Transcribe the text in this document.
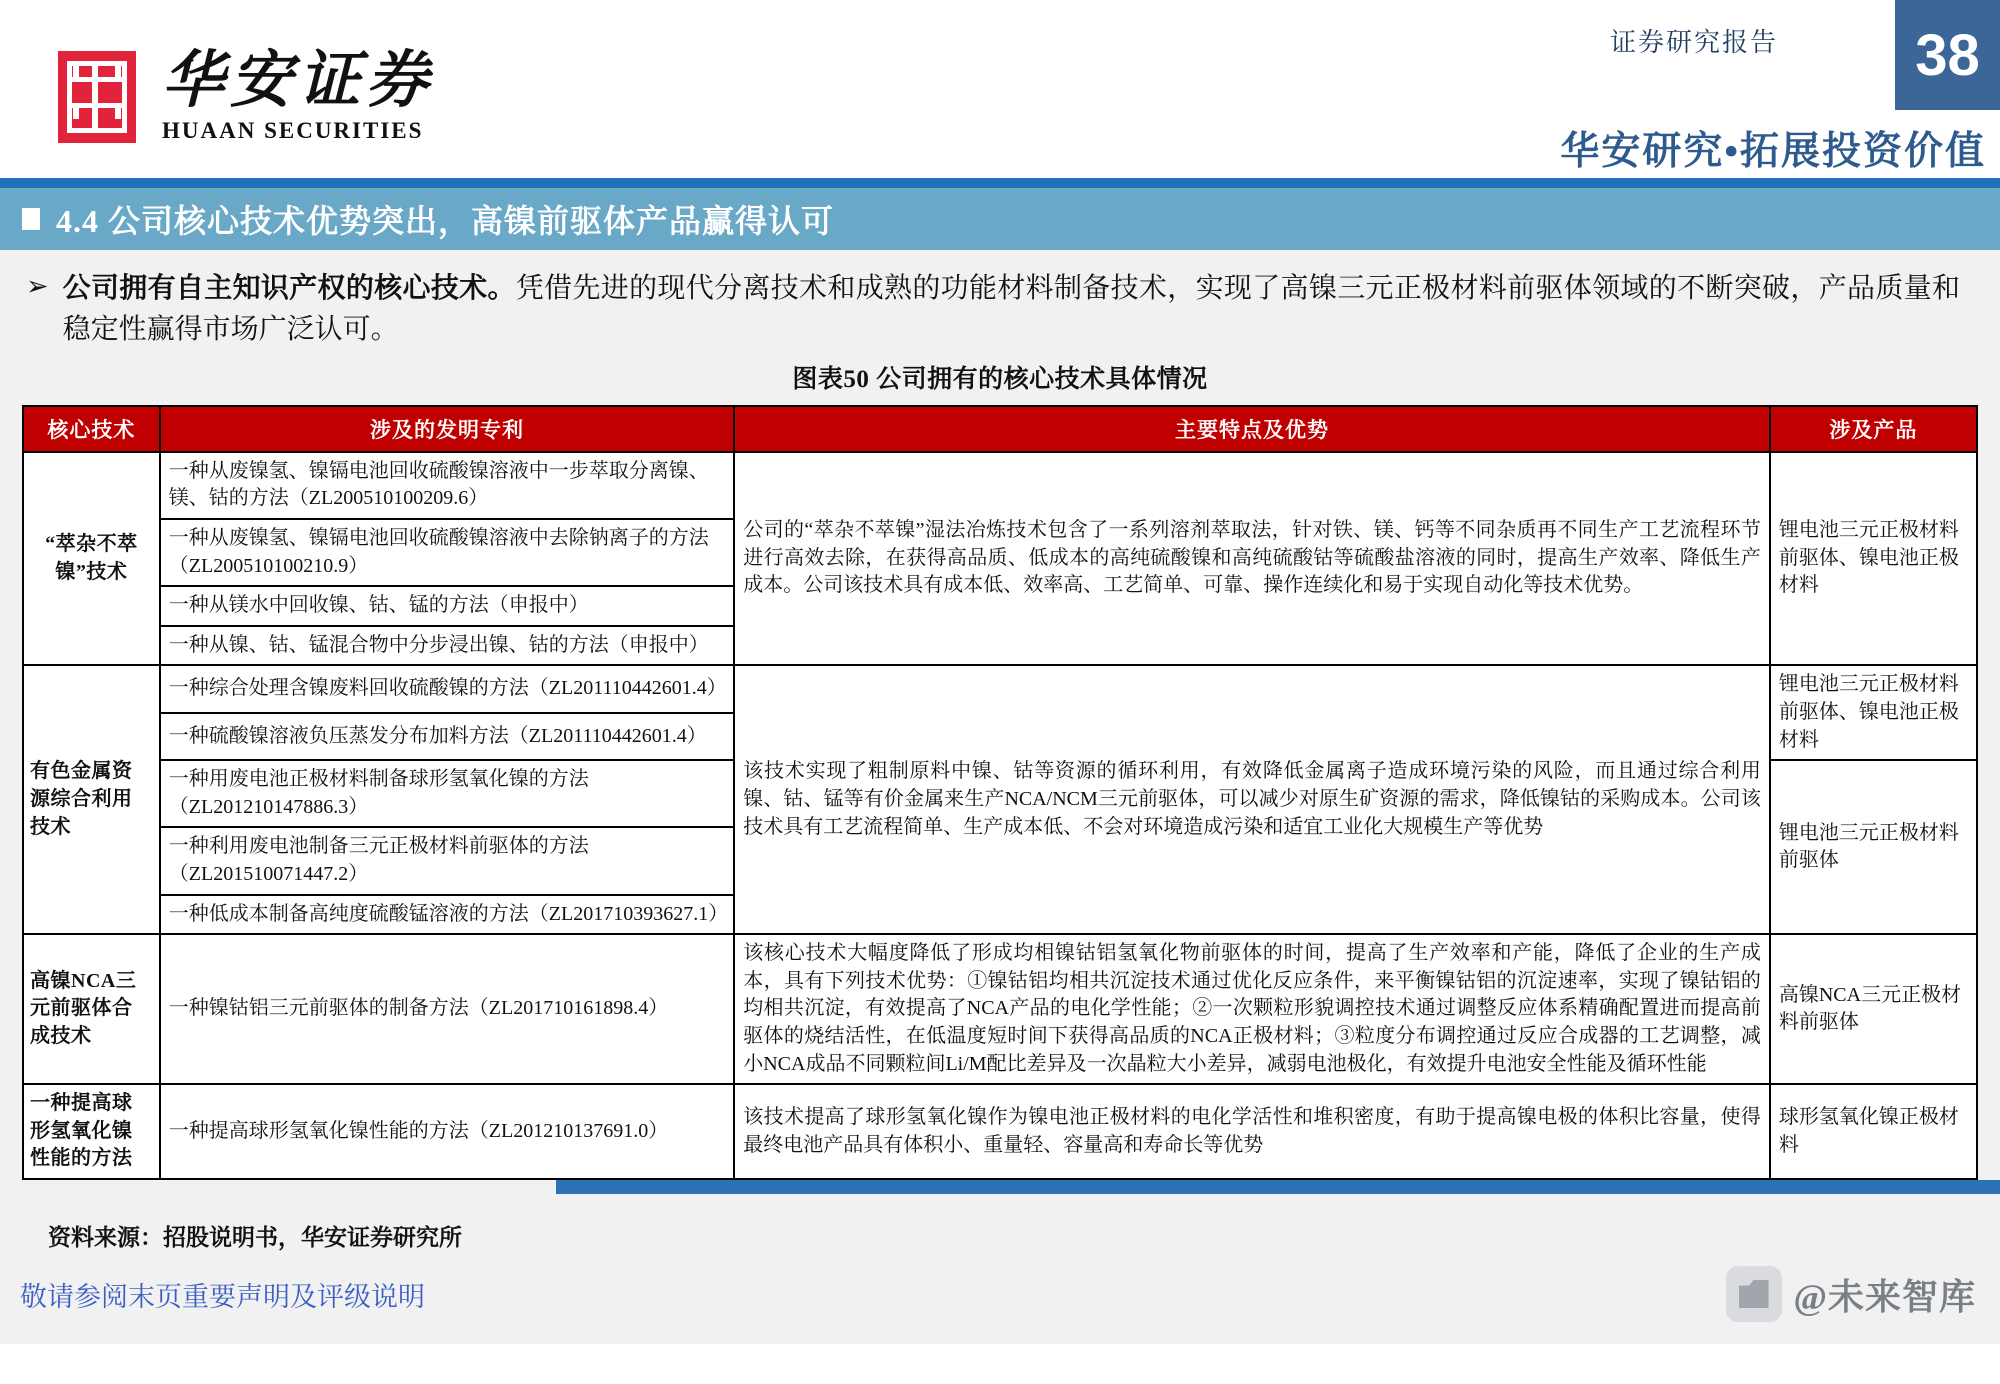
华安证券
HUAAN SECURITIES
证券研究报告	38
华安研究•拓展投资价值
4.4 公司核心技术优势突出，高镍前驱体产品赢得认可
➢ 公司拥有自主知识产权的核心技术。凭借先进的现代分离技术和成熟的功能材料制备技术，实现了高镍三元正极材料前驱体领域的不断突破，产品质量和稳定性赢得市场广泛认可。
图表50 公司拥有的核心技术具体情况
核心技术	涉及的发明专利	主要特点及优势	涉及产品
“萃杂不萃镍”技术	一种从废镍氢、镍镉电池回收硫酸镍溶液中一步萃取分离镍、镁、钴的方法（ZL200510100209.6）	公司的“萃杂不萃镍”湿法冶炼技术包含了一系列溶剂萃取法，针对铁、镁、钙等不同杂质再不同生产工艺流程环节进行高效去除，在获得高品质、低成本的高纯硫酸镍和高纯硫酸钴等硫酸盐溶液的同时，提高生产效率、降低生产成本。公司该技术具有成本低、效率高、工艺简单、可靠、操作连续化和易于实现自动化等技术优势。	锂电池三元正极材料前驱体、镍电池正极材料
	一种从废镍氢、镍镉电池回收硫酸镍溶液中去除钠离子的方法（ZL200510100210.9）		
	一种从镁水中回收镍、钴、锰的方法（申报中）		
	一种从镍、钴、锰混合物中分步浸出镍、钴的方法（申报中）		
有色金属资源综合利用技术	一种综合处理含镍废料回收硫酸镍的方法（ZL201110442601.4）	该技术实现了粗制原料中镍、钴等资源的循环利用，有效降低金属离子造成环境污染的风险，而且通过综合利用镍、钴、锰等有价金属来生产NCA/NCM三元前驱体，可以减少对原生矿资源的需求，降低镍钴的采购成本。公司该技术具有工艺流程简单、生产成本低、不会对环境造成污染和适宜工业化大规模生产等优势	锂电池三元正极材料前驱体、镍电池正极材料
	一种硫酸镍溶液负压蒸发分布加料方法（ZL201110442601.4）		
	一种用废电池正极材料制备球形氢氧化镍的方法（ZL201210147886.3）		锂电池三元正极材料前驱体
	一种利用废电池制备三元正极材料前驱体的方法（ZL201510071447.2）		
	一种低成本制备高纯度硫酸锰溶液的方法（ZL201710393627.1）		
高镍NCA三元前驱体合成技术	一种镍钴铝三元前驱体的制备方法（ZL201710161898.4）	该核心技术大幅度降低了形成均相镍钴铝氢氧化物前驱体的时间，提高了生产效率和产能，降低了企业的生产成本，具有下列技术优势：①镍钴铝均相共沉淀技术通过优化反应条件，来平衡镍钴铝的沉淀速率，实现了镍钴铝的均相共沉淀，有效提高了NCA产品的电化学性能；②一次颗粒形貌调控技术通过调整反应体系精确配置进而提高前驱体的烧结活性，在低温度短时间下获得高品质的NCA正极材料；③粒度分布调控通过反应合成器的工艺调整，减小NCA成品不同颗粒间Li/M配比差异及一次晶粒大小差异，减弱电池极化，有效提升电池安全性能及循环性能	高镍NCA三元正极材料前驱体
一种提高球形氢氧化镍性能的方法	一种提高球形氢氧化镍性能的方法（ZL201210137691.0）	该技术提高了球形氢氧化镍作为镍电池正极材料的电化学活性和堆积密度，有助于提高镍电极的体积比容量，使得最终电池产品具有体积小、重量轻、容量高和寿命长等优势	球形氢氧化镍正极材料
资料来源：招股说明书，华安证券研究所
敬请参阅末页重要声明及评级说明	@未来智库
